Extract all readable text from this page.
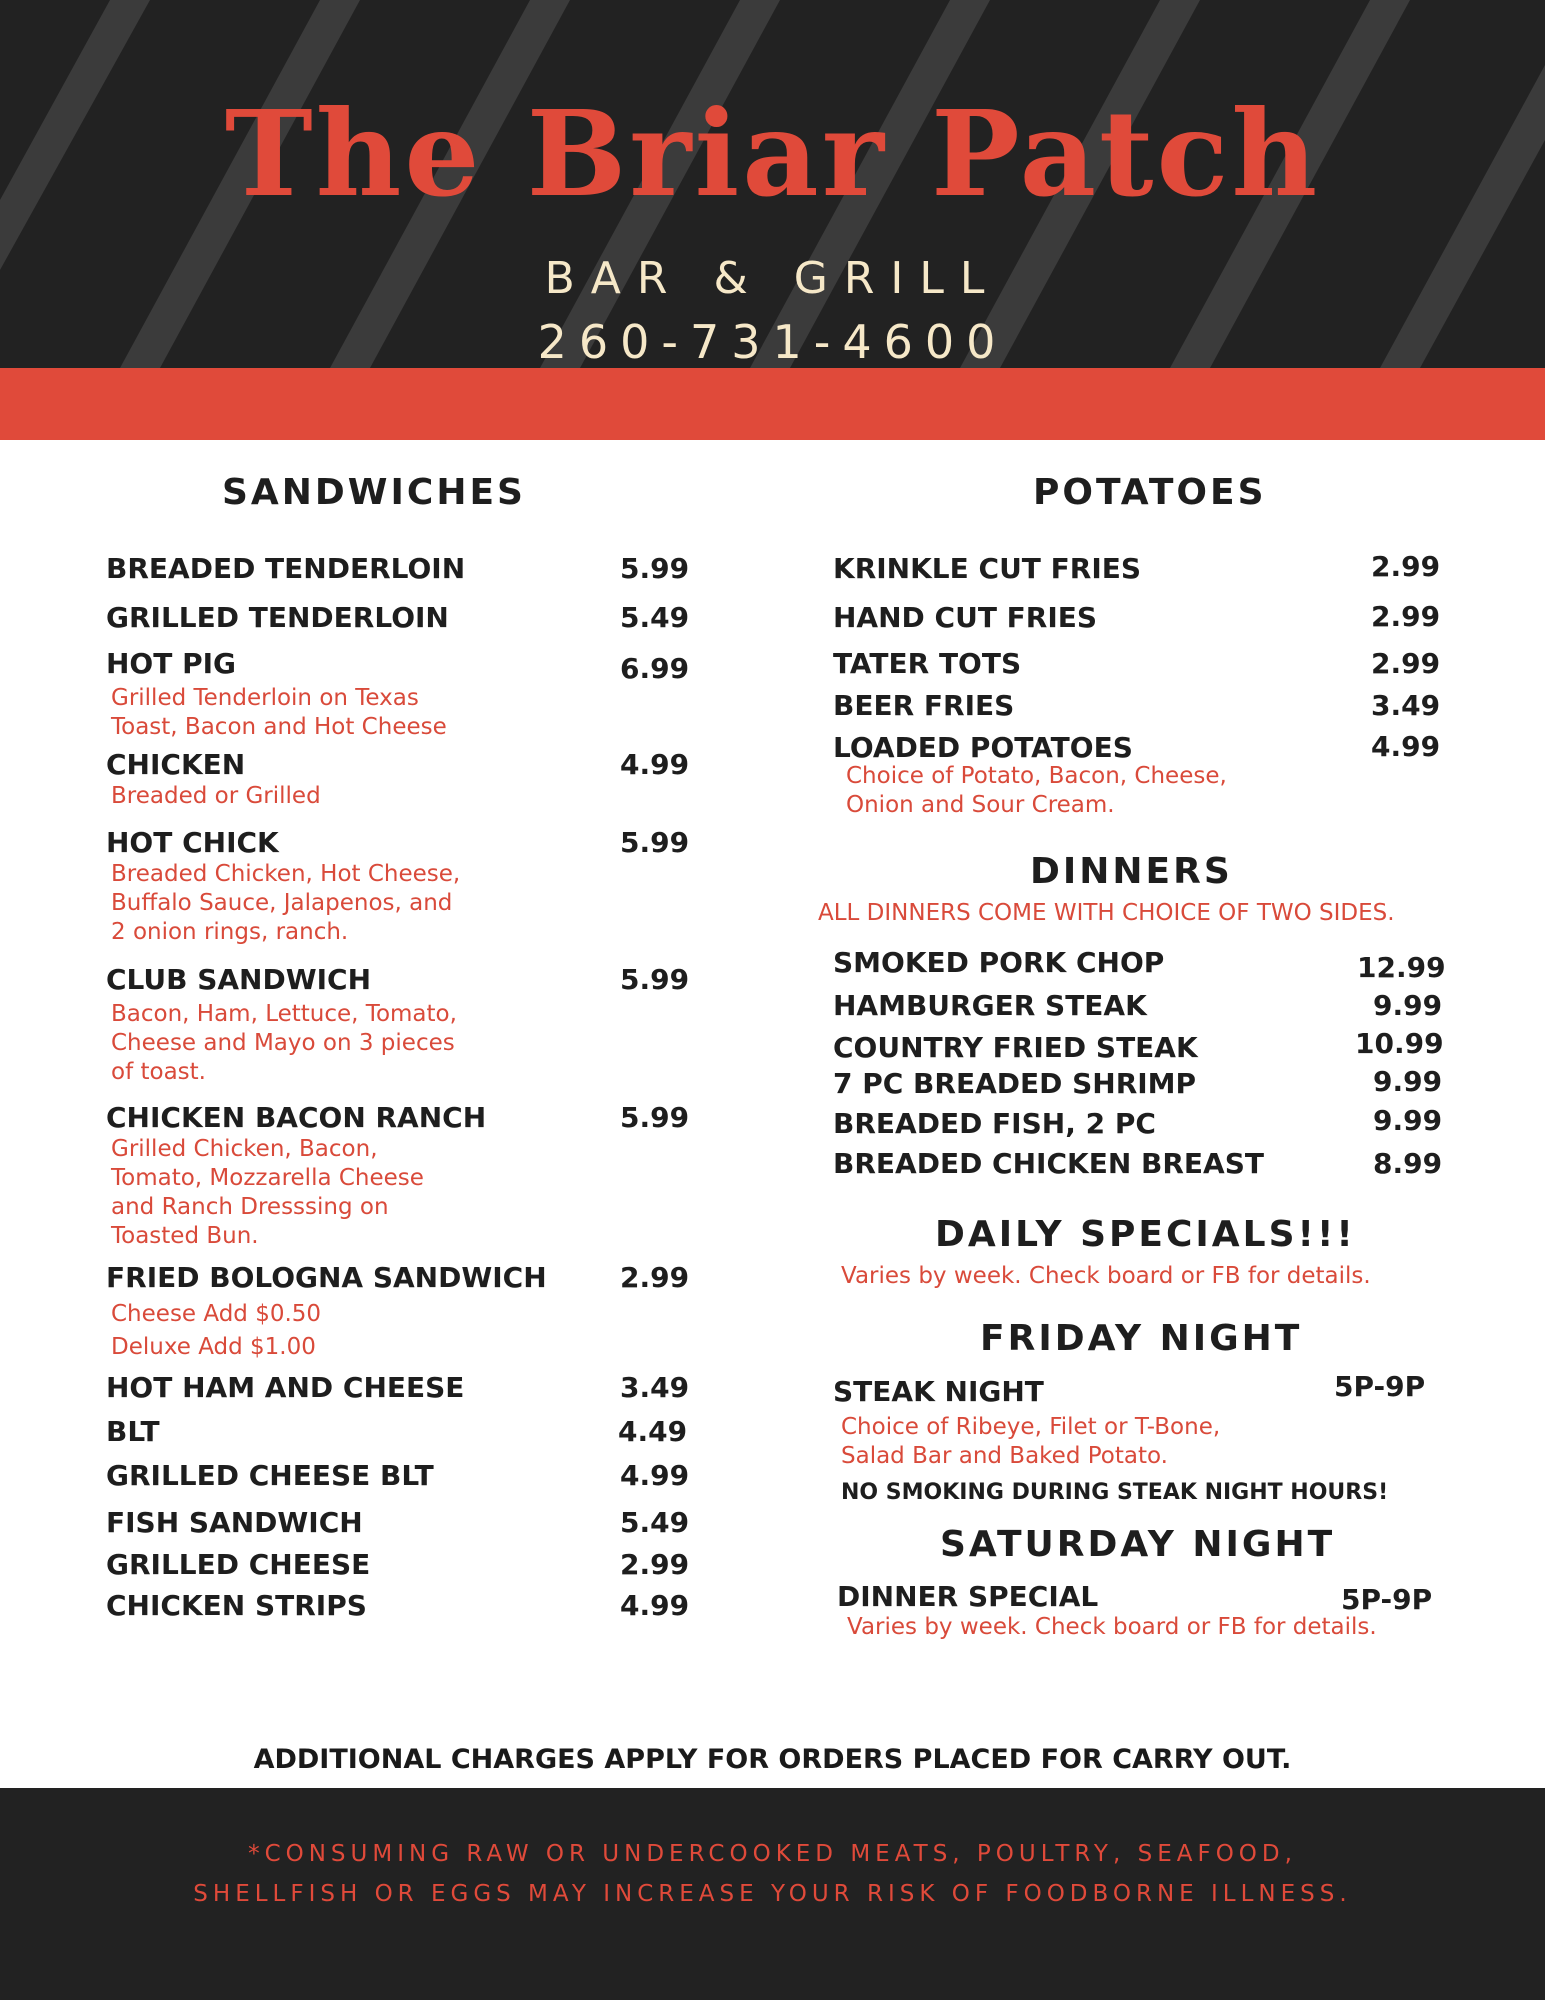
The Briar Patch
BAR & GRILL
260-731-4600
SANDWICHES
BREADED TENDERLOIN	5.99
GRILLED TENDERLOIN	5.49
HOT PIG	6.99
Grilled Tenderloin on Texas
Toast, Bacon and Hot Cheese
CHICKEN	4.99
Breaded or Grilled
HOT CHICK	5.99
Breaded Chicken, Hot Cheese,
Buffalo Sauce, Jalapenos, and
2 onion rings, ranch.
CLUB SANDWICH	5.99
Bacon, Ham, Lettuce, Tomato,
Cheese and Mayo on 3 pieces
of toast.
CHICKEN BACON RANCH	5.99
Grilled Chicken, Bacon,
Tomato, Mozzarella Cheese
and Ranch Dresssing on
Toasted Bun.
FRIED BOLOGNA SANDWICH	2.99
Cheese Add $0.50
Deluxe Add $1.00
HOT HAM AND CHEESE	3.49
BLT	4.49
GRILLED CHEESE BLT	4.99
FISH SANDWICH	5.49
GRILLED CHEESE	2.99
CHICKEN STRIPS	4.99
POTATOES
KRINKLE CUT FRIES	2.99
HAND CUT FRIES	2.99
TATER TOTS	2.99
BEER FRIES	3.49
LOADED POTATOES	4.99
Choice of Potato, Bacon, Cheese,
Onion and Sour Cream.
DINNERS
ALL DINNERS COME WITH CHOICE OF TWO SIDES.
SMOKED PORK CHOP	12.99
HAMBURGER STEAK	9.99
COUNTRY FRIED STEAK	10.99
7 PC BREADED SHRIMP	9.99
BREADED FISH, 2 PC	9.99
BREADED CHICKEN BREAST	8.99
DAILY SPECIALS!!!
Varies by week. Check board or FB for details.
FRIDAY NIGHT
STEAK NIGHT	5P-9P
Choice of Ribeye, Filet or T-Bone,
Salad Bar and Baked Potato.
NO SMOKING DURING STEAK NIGHT HOURS!
SATURDAY NIGHT
DINNER SPECIAL	5P-9P
Varies by week. Check board or FB for details.
ADDITIONAL CHARGES APPLY FOR ORDERS PLACED FOR CARRY OUT.
*CONSUMING RAW OR UNDERCOOKED MEATS, POULTRY, SEAFOOD,
SHELLFISH OR EGGS MAY INCREASE YOUR RISK OF FOODBORNE ILLNESS.
